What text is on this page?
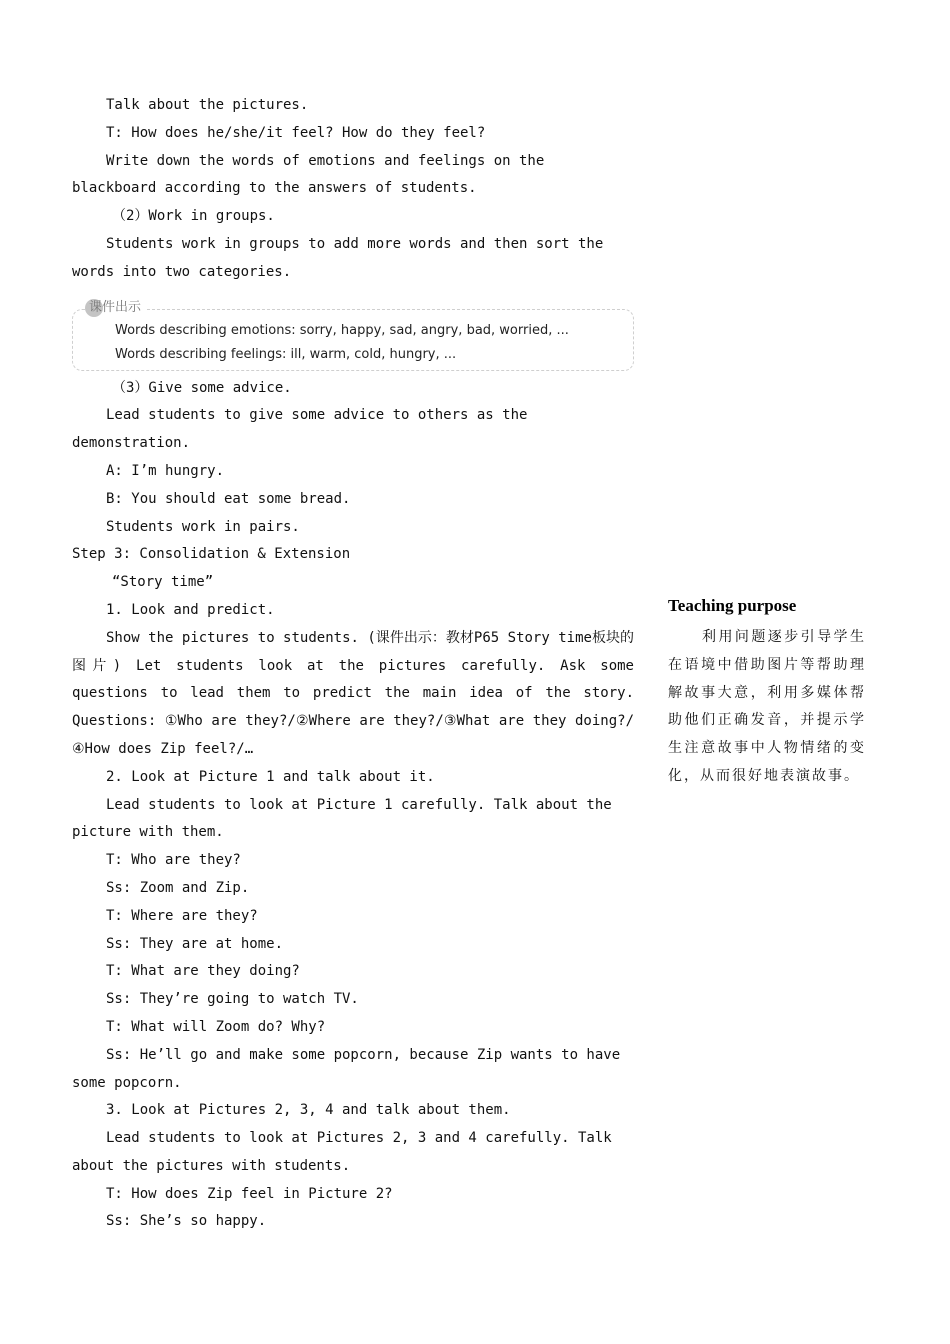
Talk about the pictures.

T: How does he/she/it feel? How do they feel?

Write down the words of emotions and feelings on the blackboard according to the answers of students.

（2）Work in groups.

Students work in groups to add more words and then sort the words into two categories.

课件出示
Words describing emotions: sorry, happy, sad, angry, bad, worried, ...
Words describing feelings: ill, warm, cold, hungry, ...

（3）Give some advice.

Lead students to give some advice to others as the demonstration.

A: I’m hungry.

B: You should eat some bread.

Students work in pairs.

Step 3: Consolidation & Extension

“Story time”

1. Look and predict.

Show the pictures to students. (课件出示：教材P65 Story time板块的图片) Let students look at the pictures carefully. Ask some questions to lead them to predict the main idea of the story. Questions: ①Who are they?/②Where are they?/③What are they doing?/④How does Zip feel?/…

2. Look at Picture 1 and talk about it.

Lead students to look at Picture 1 carefully. Talk about the picture with them.

T: Who are they?

Ss: Zoom and Zip.

T: Where are they?

Ss: They are at home.

T: What are they doing?

Ss: They’re going to watch TV.

T: What will Zoom do? Why?

Ss: He’ll go and make some popcorn, because Zip wants to have some popcorn.

3. Look at Pictures 2, 3, 4 and talk about them.

Lead students to look at Pictures 2, 3 and 4 carefully. Talk about the pictures with students.

T: How does Zip feel in Picture 2?

Ss: She’s so happy.

Teaching purpose

利用问题逐步引导学生在语境中借助图片等帮助理解故事大意，利用多媒体帮助他们正确发音，并提示学生注意故事中人物情绪的变化，从而很好地表演故事。
